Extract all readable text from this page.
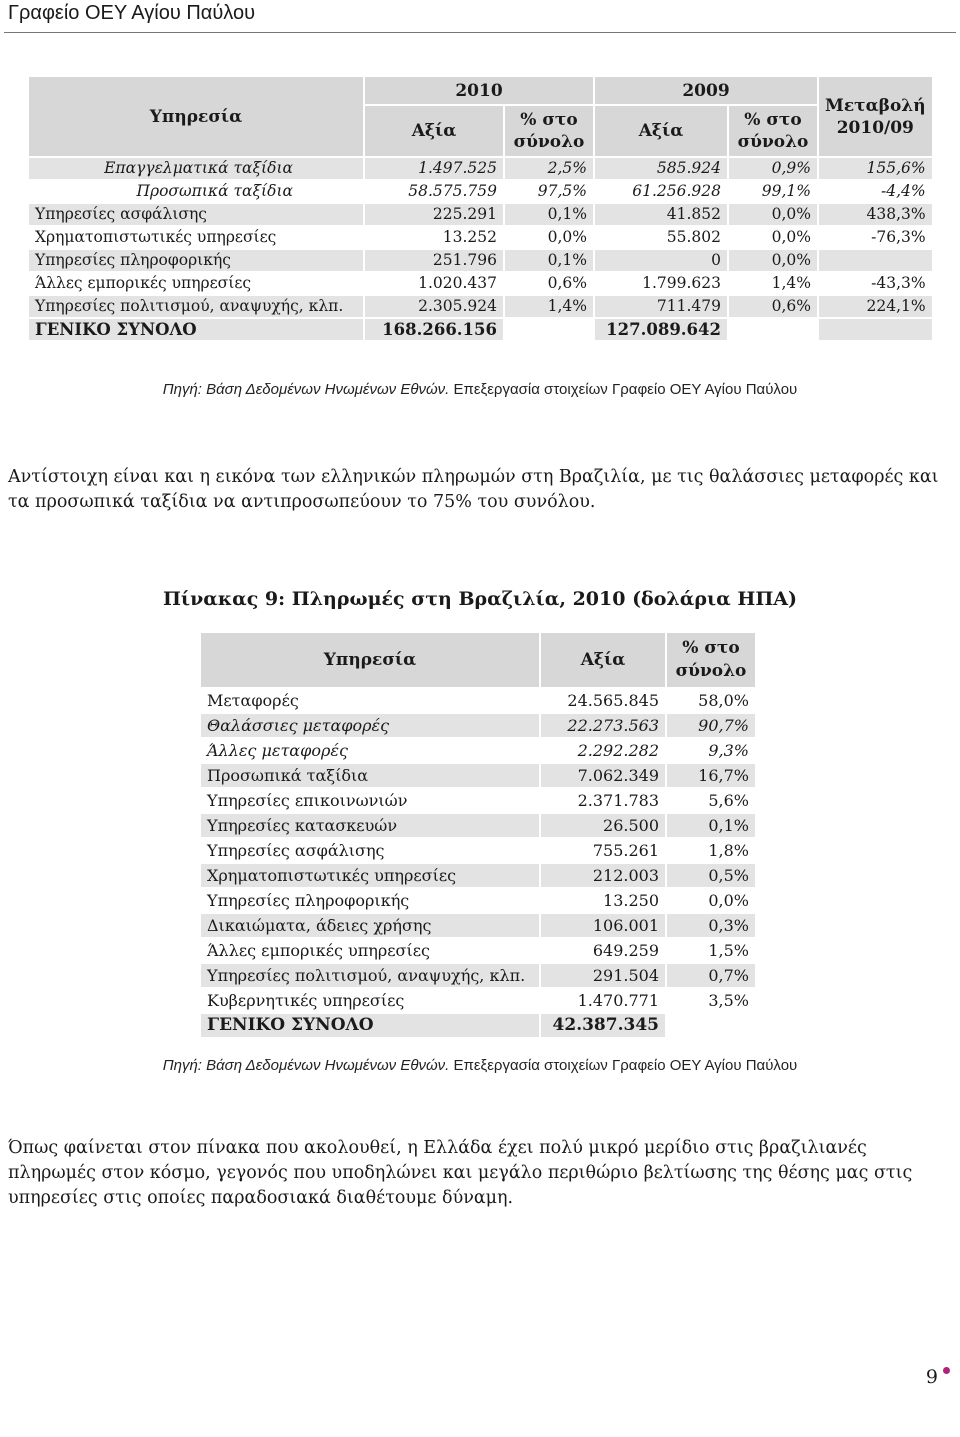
Γραφείο ΟΕΥ Αγίου Παύλου
Υπηρεσία	2010		2009		Μεταβολή 2010/09
	Αξία	% στο σύνολο	Αξία	% στο σύνολο	
Επαγγελματικά ταξίδια	1.497.525	2,5%	585.924	0,9%	155,6%
Προσωπικά ταξίδια	58.575.759	97,5%	61.256.928	99,1%	-4,4%
Υπηρεσίες ασφάλισης	225.291	0,1%	41.852	0,0%	438,3%
Χρηματοπιστωτικές υπηρεσίες	13.252	0,0%	55.802	0,0%	-76,3%
Υπηρεσίες πληροφορικής	251.796	0,1%	0	0,0%	
Άλλες εμπορικές υπηρεσίες	1.020.437	0,6%	1.799.623	1,4%	-43,3%
Υπηρεσίες πολιτισμού, αναψυχής, κλπ.	2.305.924	1,4%	711.479	0,6%	224,1%
ΓΕΝΙΚΟ ΣΥΝΟΛΟ	168.266.156		127.089.642		
Πηγή: Βάση Δεδομένων Ηνωμένων Εθνών. Επεξεργασία στοιχείων Γραφείο ΟΕΥ Αγίου Παύλου
Αντίστοιχη είναι και η εικόνα των ελληνικών πληρωμών στη Βραζιλία, με τις θαλάσσιες μεταφορές και τα προσωπικά ταξίδια να αντιπροσωπεύουν το 75% του συνόλου.
Πίνακας 9: Πληρωμές στη Βραζιλία, 2010 (δολάρια ΗΠΑ)
Υπηρεσία	Αξία	% στο σύνολο
Μεταφορές	24.565.845	58,0%
Θαλάσσιες μεταφορές	22.273.563	90,7%
Άλλες μεταφορές	2.292.282	9,3%
Προσωπικά ταξίδια	7.062.349	16,7%
Υπηρεσίες επικοινωνιών	2.371.783	5,6%
Υπηρεσίες κατασκευών	26.500	0,1%
Υπηρεσίες ασφάλισης	755.261	1,8%
Χρηματοπιστωτικές υπηρεσίες	212.003	0,5%
Υπηρεσίες πληροφορικής	13.250	0,0%
Δικαιώματα, άδειες χρήσης	106.001	0,3%
Άλλες εμπορικές υπηρεσίες	649.259	1,5%
Υπηρεσίες πολιτισμού, αναψυχής, κλπ.	291.504	0,7%
Κυβερνητικές υπηρεσίες	1.470.771	3,5%
ΓΕΝΙΚΟ ΣΥΝΟΛΟ	42.387.345	
Πηγή: Βάση Δεδομένων Ηνωμένων Εθνών. Επεξεργασία στοιχείων Γραφείο ΟΕΥ Αγίου Παύλου
Όπως φαίνεται στον πίνακα που ακολουθεί, η Ελλάδα έχει πολύ μικρό μερίδιο στις βραζιλιανές πληρωμές στον κόσμο, γεγονός που υποδηλώνει και μεγάλο περιθώριο βελτίωσης της θέσης μας στις υπηρεσίες στις οποίες παραδοσιακά διαθέτουμε δύναμη.
9
